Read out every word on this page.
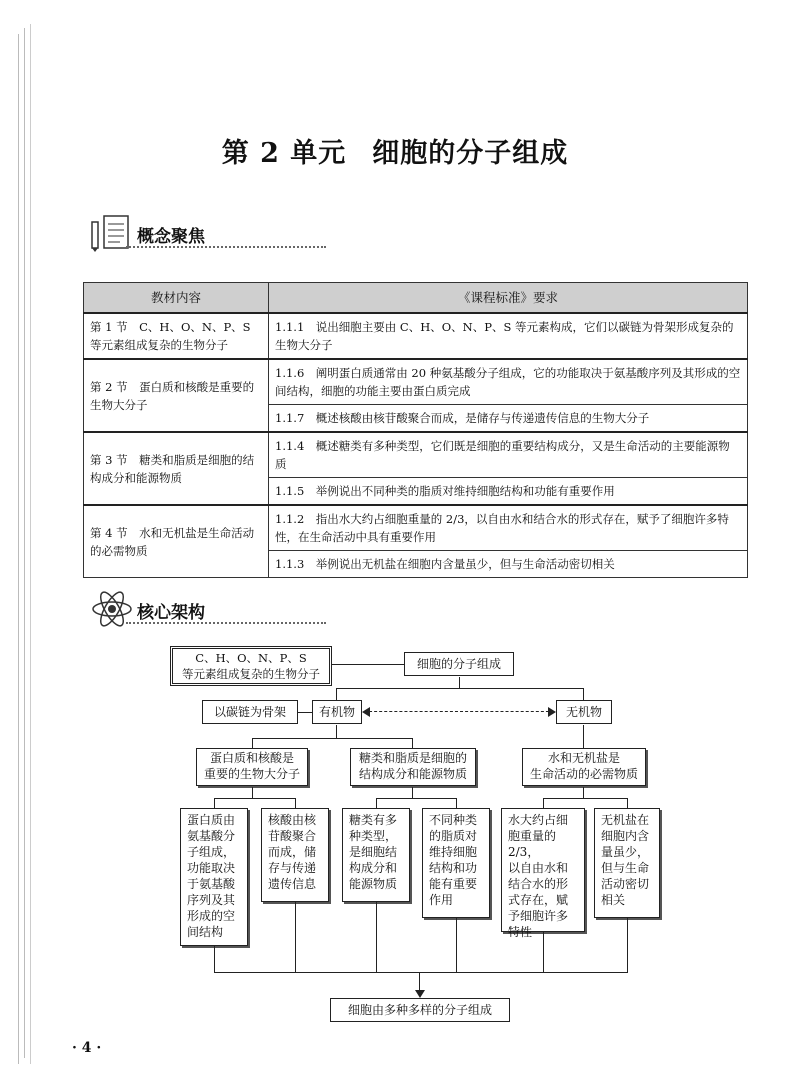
第 2 单元 细胞的分子组成
概念聚焦
教材内容	《课程标准》要求
第 1 节　C、H、O、N、P、S 等元素组成复杂的生物分子	1.1.1　说出细胞主要由 C、H、O、N、P、S 等元素构成，它们以碳链为骨架形成复杂的生物大分子
第 2 节　蛋白质和核酸是重要的生物大分子	1.1.6　阐明蛋白质通常由 20 种氨基酸分子组成，它的功能取决于氨基酸序列及其形成的空间结构，细胞的功能主要由蛋白质完成
	1.1.7　概述核酸由核苷酸聚合而成，是储存与传递遗传信息的生物大分子
第 3 节　糖类和脂质是细胞的结构成分和能源物质	1.1.4　概述糖类有多种类型，它们既是细胞的重要结构成分，又是生命活动的主要能源物质
	1.1.5　举例说出不同种类的脂质对维持细胞结构和功能有重要作用
第 4 节　水和无机盐是生命活动的必需物质	1.1.2　指出水大约占细胞重量的 2/3，以自由水和结合水的形式存在，赋予了细胞许多特性，在生命活动中具有重要作用
	1.1.3　举例说出无机盐在细胞内含量虽少，但与生命活动密切相关
核心架构
C、H、O、N、P、S
等元素组成复杂的生物分子
细胞的分子组成
以碳链为骨架	有机物	无机物
蛋白质和核酸是
重要的生物大分子
糖类和脂质是细胞的
结构成分和能源物质
水和无机盐是
生命活动的必需物质
蛋白质由
氨基酸分
子组成，
功能取决
于氨基酸
序列及其
形成的空
间结构
核酸由核
苷酸聚合
而成，储
存与传递
遗传信息
糖类有多
种类型，
是细胞结
构成分和
能源物质
不同种类
的脂质对
维持细胞
结构和功
能有重要
作用
水大约占细
胞重量的2/3，
以自由水和
结合水的形
式存在，赋
予细胞许多
特性
无机盐在
细胞内含
量虽少，
但与生命
活动密切
相关
细胞由多种多样的分子组成
· 4 ·
